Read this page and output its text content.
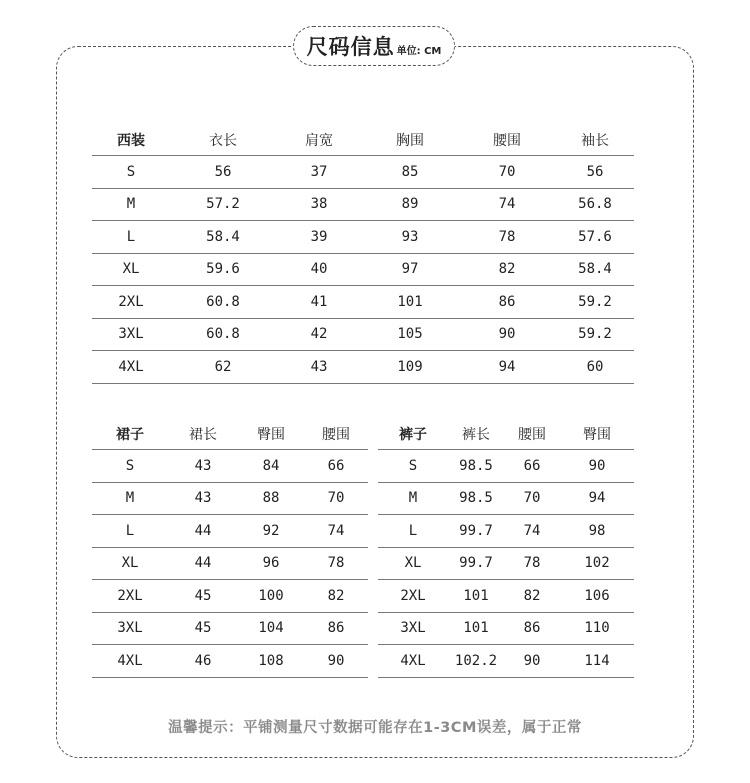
尺码信息 单位: CM
西装	衣长	肩宽	胸围	腰围	袖长
S	56	37	85	70	56
M	57.2	38	89	74	56.8
L	58.4	39	93	78	57.6
XL	59.6	40	97	82	58.4
2XL	60.8	41	101	86	59.2
3XL	60.8	42	105	90	59.2
4XL	62	43	109	94	60
裙子	裙长	臀围	腰围
S	43	84	66
M	43	88	70
L	44	92	74
XL	44	96	78
2XL	45	100	82
3XL	45	104	86
4XL	46	108	90
裤子	裤长	腰围	臀围
S	98.5	66	90
M	98.5	70	94
L	99.7	74	98
XL	99.7	78	102
2XL	101	82	106
3XL	101	86	110
4XL	102.2	90	114
温馨提示：平铺测量尺寸数据可能存在1-3CM误差，属于正常
